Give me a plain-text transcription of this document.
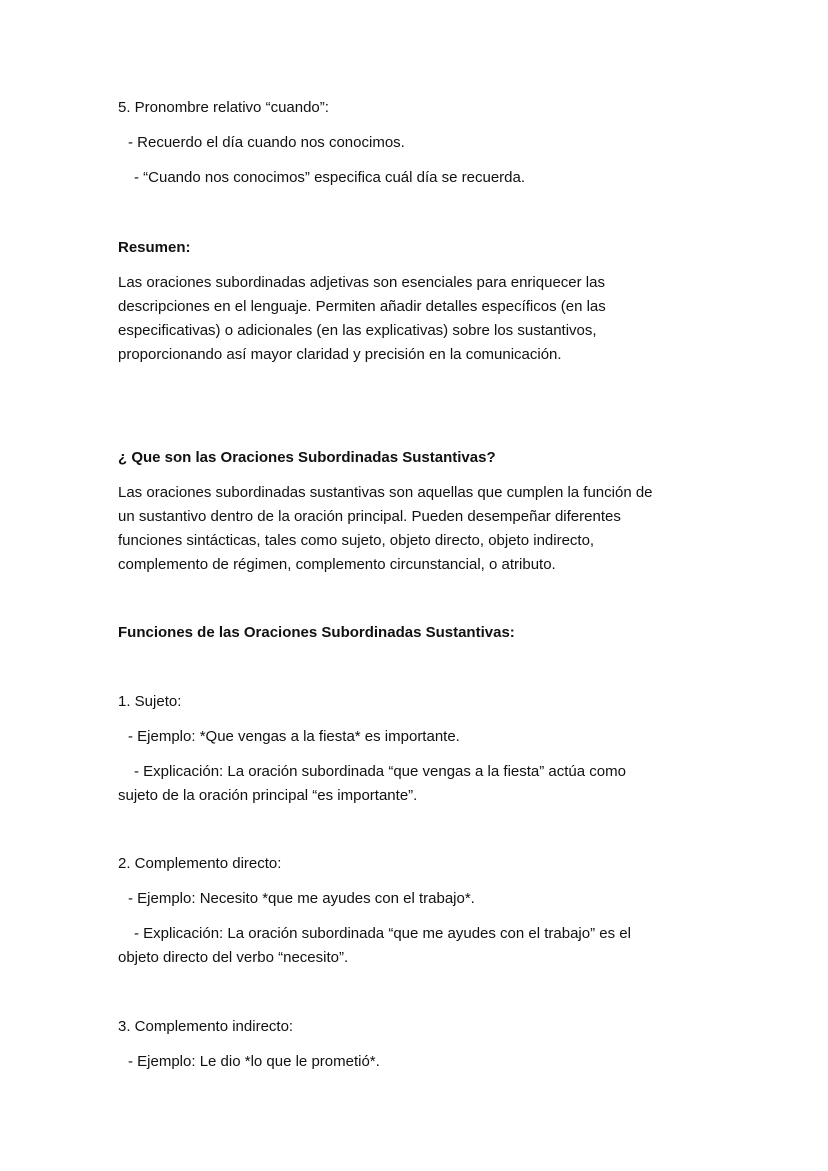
5. Pronombre relativo “cuando”:

- Recuerdo el día cuando nos conocimos.

- “Cuando nos conocimos” especifica cuál día se recuerda.

Resumen:

Las oraciones subordinadas adjetivas son esenciales para enriquecer las
descripciones en el lenguaje. Permiten añadir detalles específicos (en las
especificativas) o adicionales (en las explicativas) sobre los sustantivos,
proporcionando así mayor claridad y precisión en la comunicación.

¿ Que son las Oraciones Subordinadas Sustantivas?

Las oraciones subordinadas sustantivas son aquellas que cumplen la función de
un sustantivo dentro de la oración principal. Pueden desempeñar diferentes
funciones sintácticas, tales como sujeto, objeto directo, objeto indirecto,
complemento de régimen, complemento circunstancial, o atributo.

Funciones de las Oraciones Subordinadas Sustantivas:

1. Sujeto:

- Ejemplo: *Que vengas a la fiesta* es importante.

- Explicación: La oración subordinada “que vengas a la fiesta” actúa como

sujeto de la oración principal “es importante”.

2. Complemento directo:

- Ejemplo: Necesito *que me ayudes con el trabajo*.

- Explicación: La oración subordinada “que me ayudes con el trabajo” es el

objeto directo del verbo “necesito”.

3. Complemento indirecto:

- Ejemplo: Le dio *lo que le prometió*.
